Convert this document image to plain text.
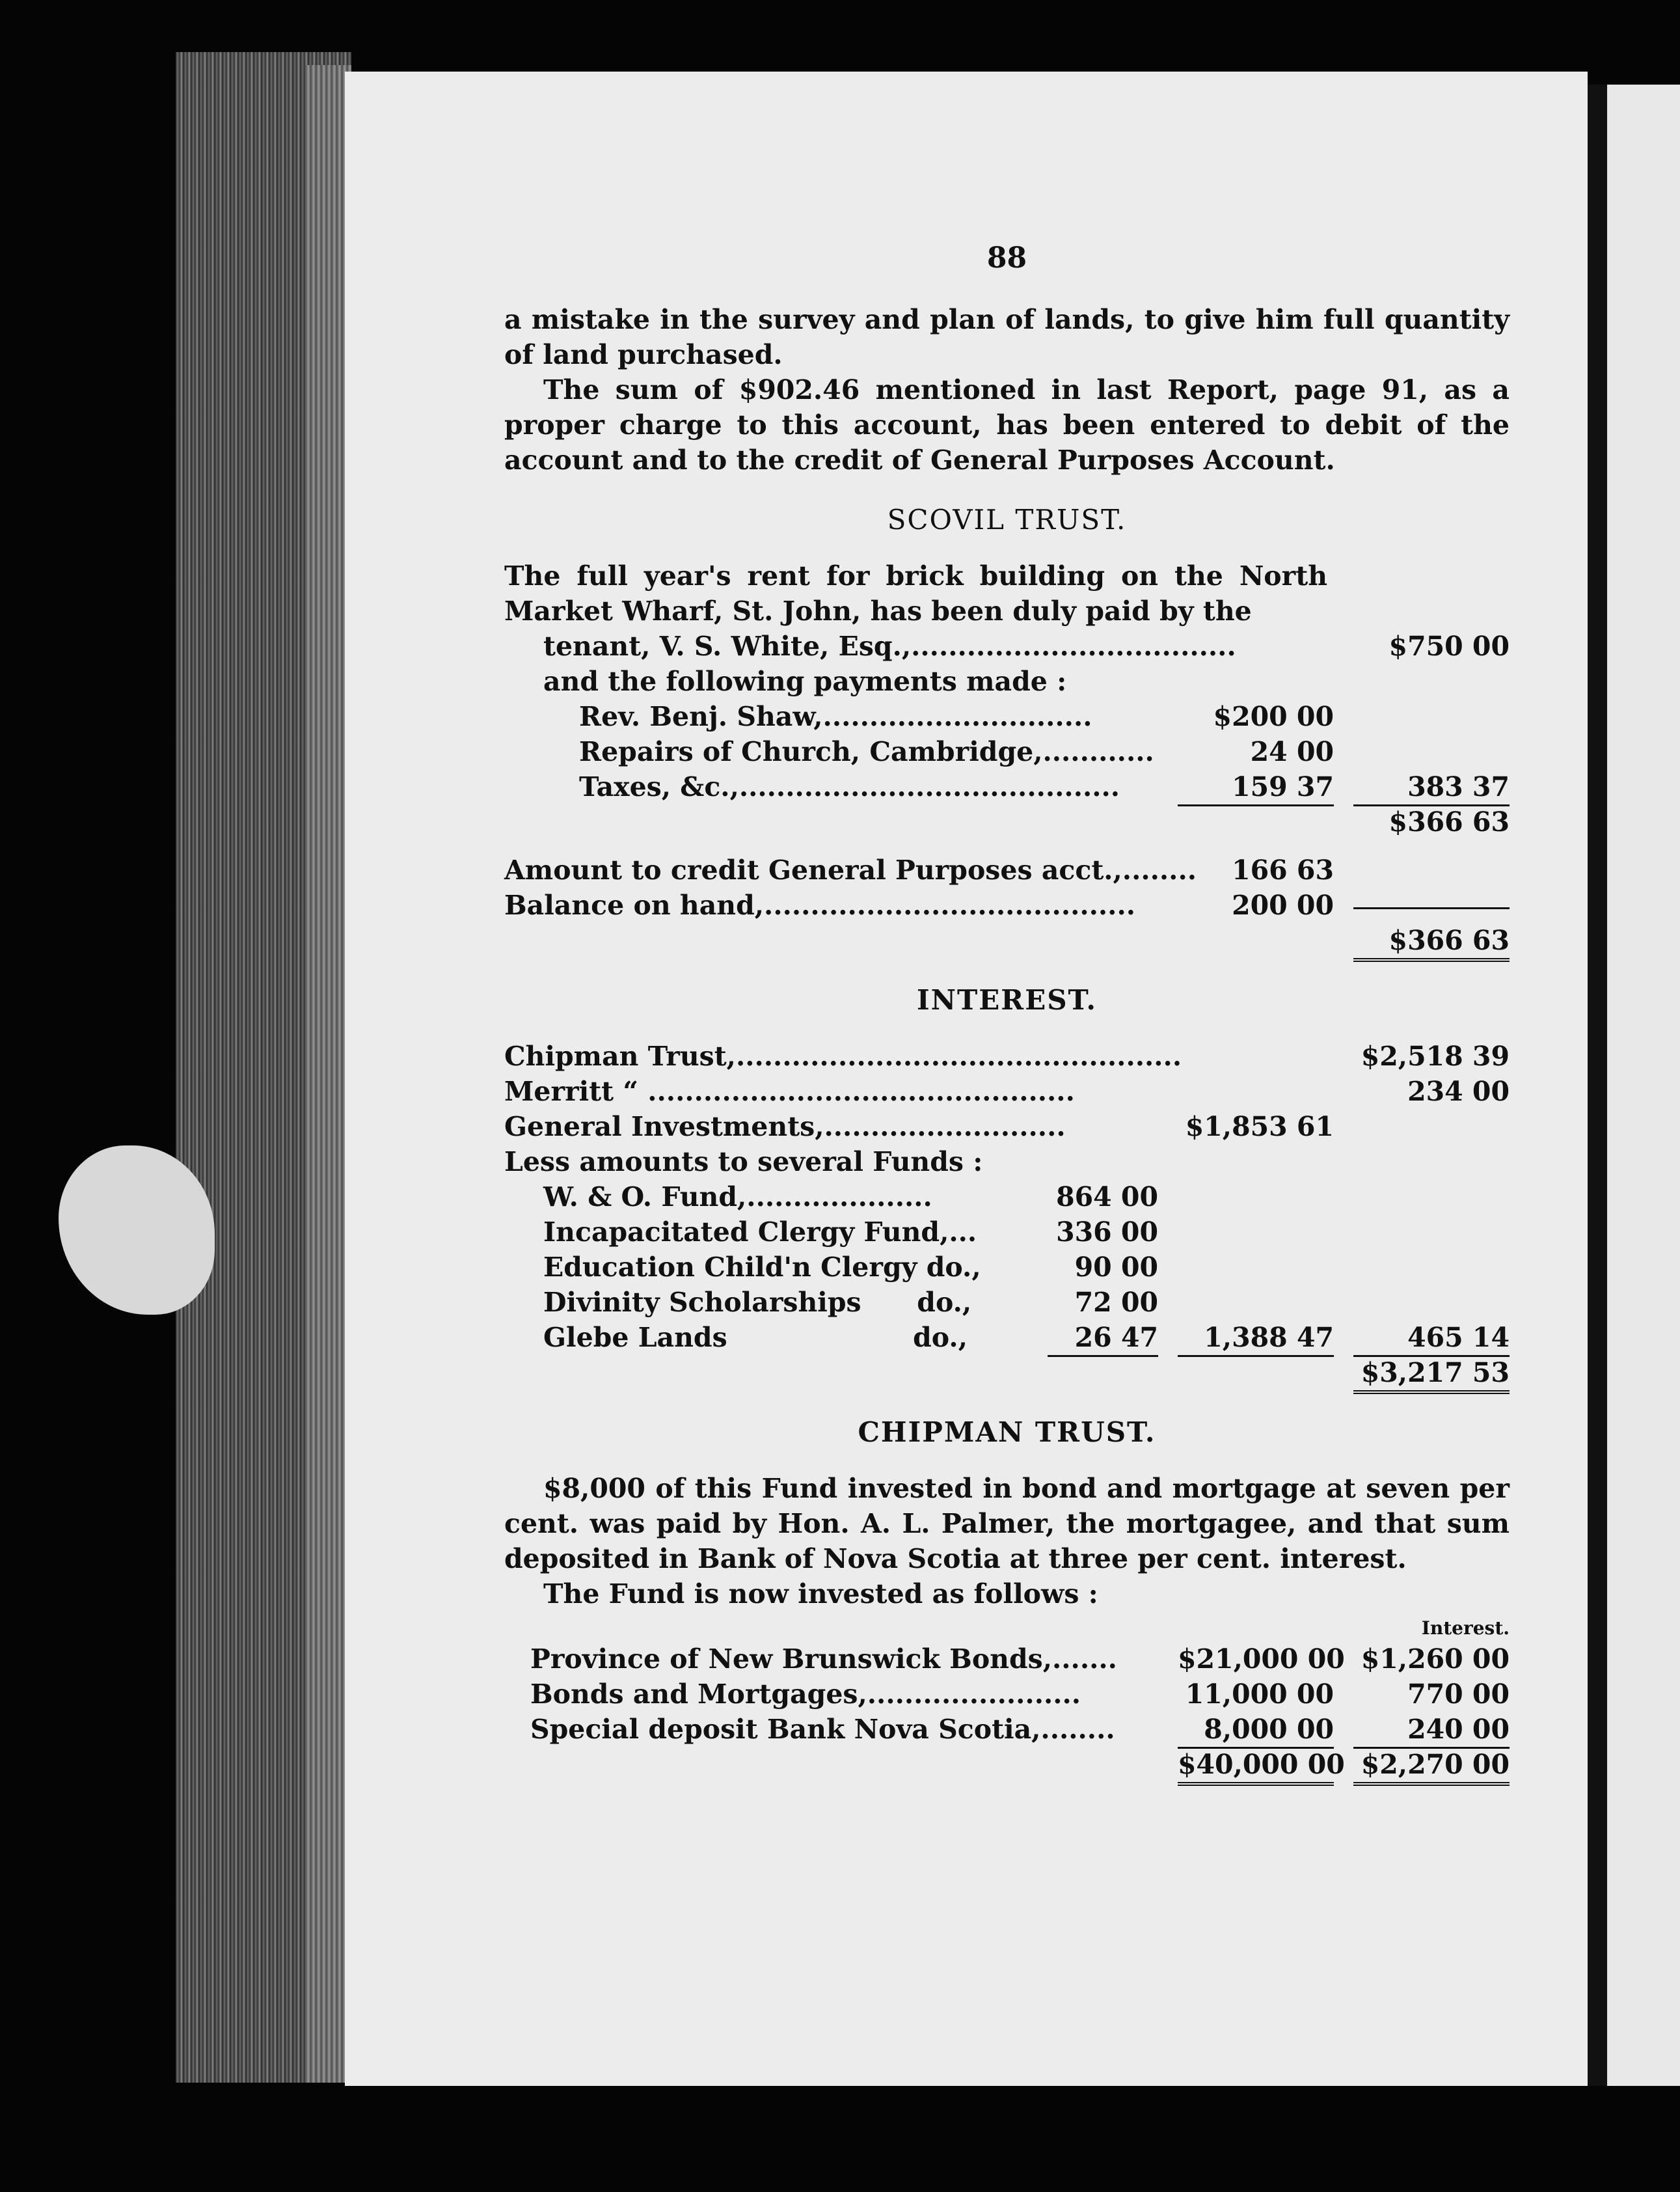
88
a mistake in the survey and plan of lands, to give him full quantity of land purchased.
The sum of $902.46 mentioned in last Report, page 91, as a proper charge to this account, has been entered to debit of the account and to the credit of General Purposes Account.
SCOVIL TRUST.
The full year's rent for brick building on the North Market Wharf, St. John, has been duly paid by the
tenant, V. S. White, Esq.,...................................	$750 00
and the following payments made :
Rev. Benj. Shaw,.............................	$200 00
Repairs of Church, Cambridge,............	24 00
Taxes, &c.,.........................................	159 37	383 37
$366 63
Amount to credit General Purposes acct.,........	166 63
Balance on hand,........................................	200 00
$366 63
INTEREST.
Chipman Trust,................................................	$2,518 39
Merritt “ ..............................................	234 00
General Investments,..........................	$1,853 61
Less amounts to several Funds :
W. & O. Fund,....................	864 00
Incapacitated Clergy Fund,...	336 00
Education Child'n Clergy do.,	90 00
Divinity Scholarships      do.,	72 00
Glebe Lands                    do.,	26 47	1,388 47	465 14
$3,217 53
CHIPMAN TRUST.
$8,000 of this Fund invested in bond and mortgage at seven per cent. was paid by Hon. A. L. Palmer, the mortgagee, and that sum deposited in Bank of Nova Scotia at three per cent. interest.
The Fund is now invested as follows :
Interest.
Province of New Brunswick Bonds,....... $21,000 00 $1,260 00
Bonds and Mortgages,.......................	11,000 00	770 00
Special deposit Bank Nova Scotia,........	8,000 00	240 00
$40,000 00 $2,270 00
